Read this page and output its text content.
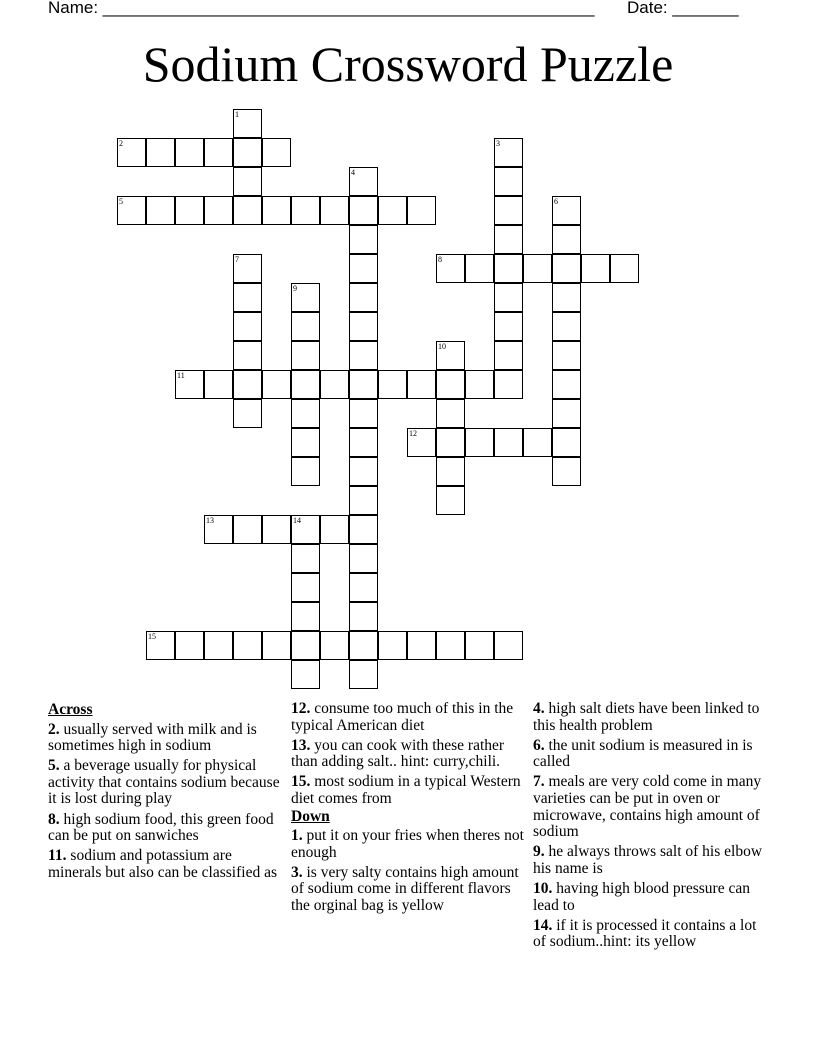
Name: ____________________________________________________ Date: _______
Sodium Crossword Puzzle
1
2	3
4
5	6
7	8
9
10
11
12
13	14
15
Across
2. usually served with milk and is sometimes high in sodium
5. a beverage usually for physical activity that contains sodium because it is lost during play
8. high sodium food, this green food can be put on sanwiches
11. sodium and potassium are minerals but also can be classified as
12. consume too much of this in the typical American diet
13. you can cook with these rather than adding salt.. hint: curry,chili.
15. most sodium in a typical Western diet comes from
Down
1. put it on your fries when theres not enough
3. is very salty contains high amount of sodium come in different flavors the orginal bag is yellow
4. high salt diets have been linked to this health problem
6. the unit sodium is measured in is called
7. meals are very cold come in many varieties can be put in oven or microwave, contains high amount of sodium
9. he always throws salt of his elbow his name is
10. having high blood pressure can lead to
14. if it is processed it contains a lot of sodium..hint: its yellow
